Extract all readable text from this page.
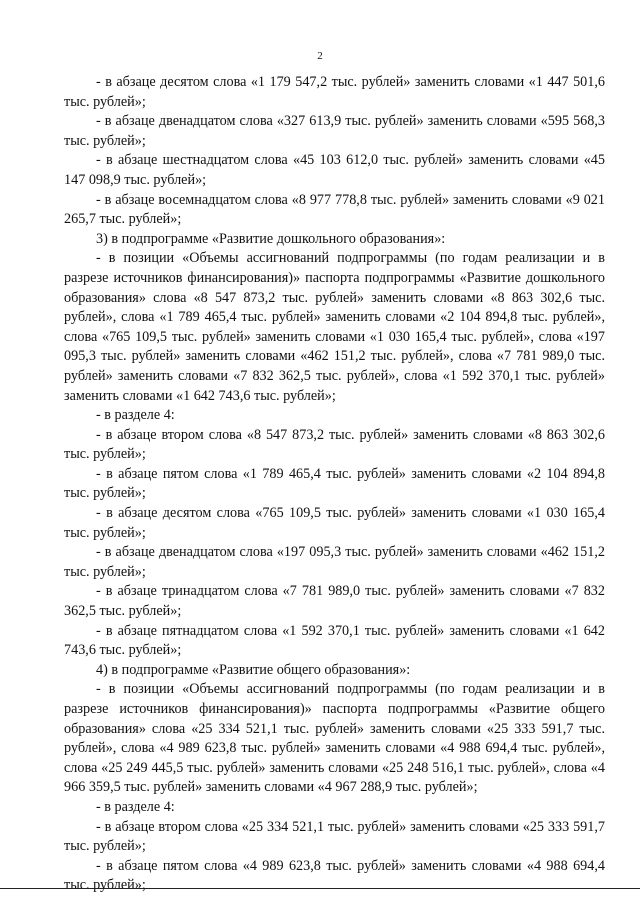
2

- в абзаце десятом слова «1 179 547,2 тыс. рублей» заменить словами «1 447 501,6 тыс. рублей»;

- в абзаце двенадцатом слова «327 613,9 тыс. рублей» заменить словами «595 568,3 тыс. рублей»;

- в абзаце шестнадцатом слова «45 103 612,0 тыс. рублей» заменить словами «45 147 098,9 тыс. рублей»;

- в абзаце восемнадцатом слова «8 977 778,8 тыс. рублей» заменить словами «9 021 265,7 тыс. рублей»;

3) в подпрограмме «Развитие дошкольного образования»:

- в позиции «Объемы ассигнований подпрограммы (по годам реализации и в разрезе источников финансирования)» паспорта подпрограммы «Развитие дошкольного образования» слова «8 547 873,2 тыс. рублей» заменить словами «8 863 302,6 тыс. рублей», слова «1 789 465,4 тыс. рублей» заменить словами «2 104 894,8 тыс. рублей», слова «765 109,5 тыс. рублей» заменить словами «1 030 165,4 тыс. рублей», слова «197 095,3 тыс. рублей» заменить словами «462 151,2 тыс. рублей», слова «7 781 989,0 тыс. рублей» заменить словами «7 832 362,5 тыс. рублей», слова «1 592 370,1 тыс. рублей» заменить словами «1 642 743,6 тыс. рублей»;

- в разделе 4:

- в абзаце втором слова «8 547 873,2 тыс. рублей» заменить словами «8 863 302,6 тыс. рублей»;

- в абзаце пятом слова «1 789 465,4 тыс. рублей» заменить словами «2 104 894,8 тыс. рублей»;

- в абзаце десятом слова «765 109,5 тыс. рублей» заменить словами «1 030 165,4 тыс. рублей»;

- в абзаце двенадцатом слова «197 095,3 тыс. рублей» заменить словами «462 151,2 тыс. рублей»;

- в абзаце тринадцатом слова «7 781 989,0 тыс. рублей» заменить словами «7 832 362,5 тыс. рублей»;

- в абзаце пятнадцатом слова «1 592 370,1 тыс. рублей» заменить словами «1 642 743,6 тыс. рублей»;

4) в подпрограмме «Развитие общего образования»:

- в позиции «Объемы ассигнований подпрограммы (по годам реализации и в разрезе источников финансирования)» паспорта подпрограммы «Развитие общего образования» слова «25 334 521,1 тыс. рублей» заменить словами «25 333 591,7 тыс. рублей», слова «4 989 623,8 тыс. рублей» заменить словами «4 988 694,4 тыс. рублей», слова «25 249 445,5 тыс. рублей» заменить словами «25 248 516,1 тыс. рублей», слова «4 966 359,5 тыс. рублей» заменить словами «4 967 288,9 тыс. рублей»;

- в разделе 4:

- в абзаце втором слова «25 334 521,1 тыс. рублей» заменить словами «25 333 591,7 тыс. рублей»;

- в абзаце пятом слова «4 989 623,8 тыс. рублей» заменить словами «4 988 694,4 тыс. рублей»;
